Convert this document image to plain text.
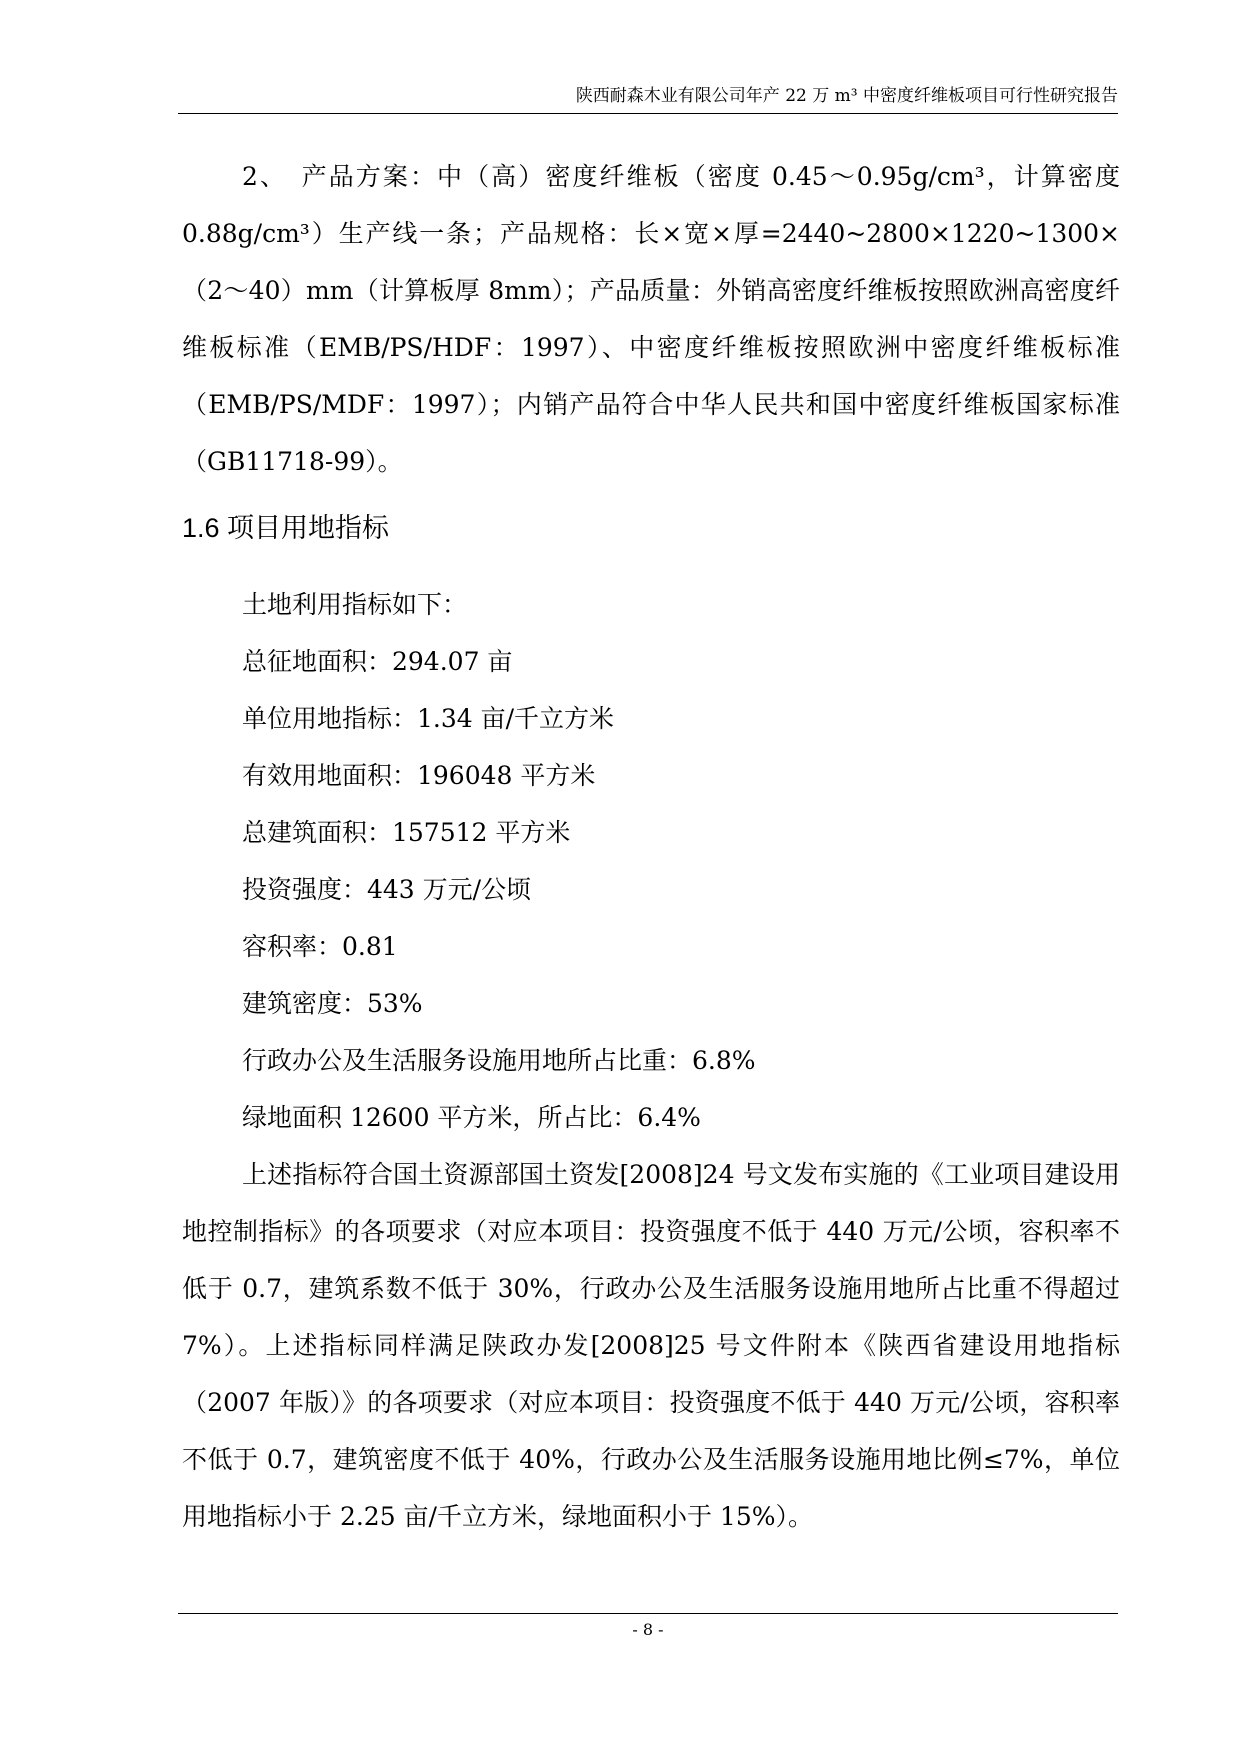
陕西耐森木业有限公司年产 22 万 m³ 中密度纤维板项目可行性研究报告

2、　产品方案：中（高）密度纤维板（密度 0.45～0.95g/cm³，计算密度 0.88g/cm³）生产线一条；产品规格：长×宽×厚=2440~2800×1220~1300×（2～40）mm（计算板厚 8mm）；产品质量：外销高密度纤维板按照欧洲高密度纤维板标准（EMB/PS/HDF：1997）、中密度纤维板按照欧洲中密度纤维板标准（EMB/PS/MDF：1997）；内销产品符合中华人民共和国中密度纤维板国家标准（GB11718-99）。

1.6 项目用地指标

土地利用指标如下：

总征地面积：294.07 亩

单位用地指标：1.34 亩/千立方米

有效用地面积：196048 平方米

总建筑面积：157512 平方米

投资强度：443 万元/公顷

容积率：0.81

建筑密度：53%

行政办公及生活服务设施用地所占比重：6.8%

绿地面积 12600 平方米，所占比：6.4%

上述指标符合国土资源部国土资发[2008]24 号文发布实施的《工业项目建设用地控制指标》的各项要求（对应本项目：投资强度不低于 440 万元/公顷，容积率不低于 0.7，建筑系数不低于 30%，行政办公及生活服务设施用地所占比重不得超过 7%）。上述指标同样满足陕政办发[2008]25 号文件附本《陕西省建设用地指标（2007 年版）》的各项要求（对应本项目：投资强度不低于 440 万元/公顷，容积率不低于 0.7，建筑密度不低于 40%，行政办公及生活服务设施用地比例≤7%，单位用地指标小于 2.25 亩/千立方米，绿地面积小于 15%）。

- 8 -
